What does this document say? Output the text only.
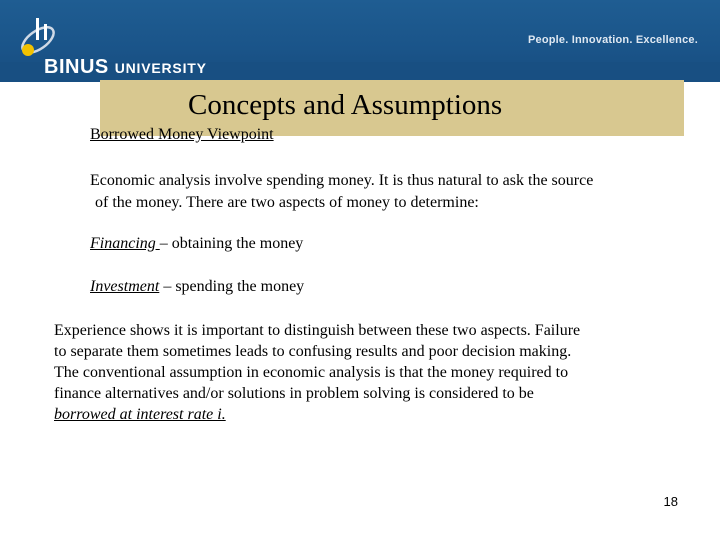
BINUS UNIVERSITY
People. Innovation. Excellence.
Concepts and Assumptions
Borrowed Money Viewpoint
Economic analysis involve spending money. It is thus natural to ask the source
of the money. There are two aspects of money to determine:
Financing – obtaining the money
Investment – spending the money
Experience shows it is important to distinguish between these two aspects. Failure
to separate them sometimes leads to confusing results and poor decision making.
The conventional assumption in economic analysis is that the money required to
finance alternatives and/or solutions in problem solving is considered to be
borrowed at interest rate i.
18
